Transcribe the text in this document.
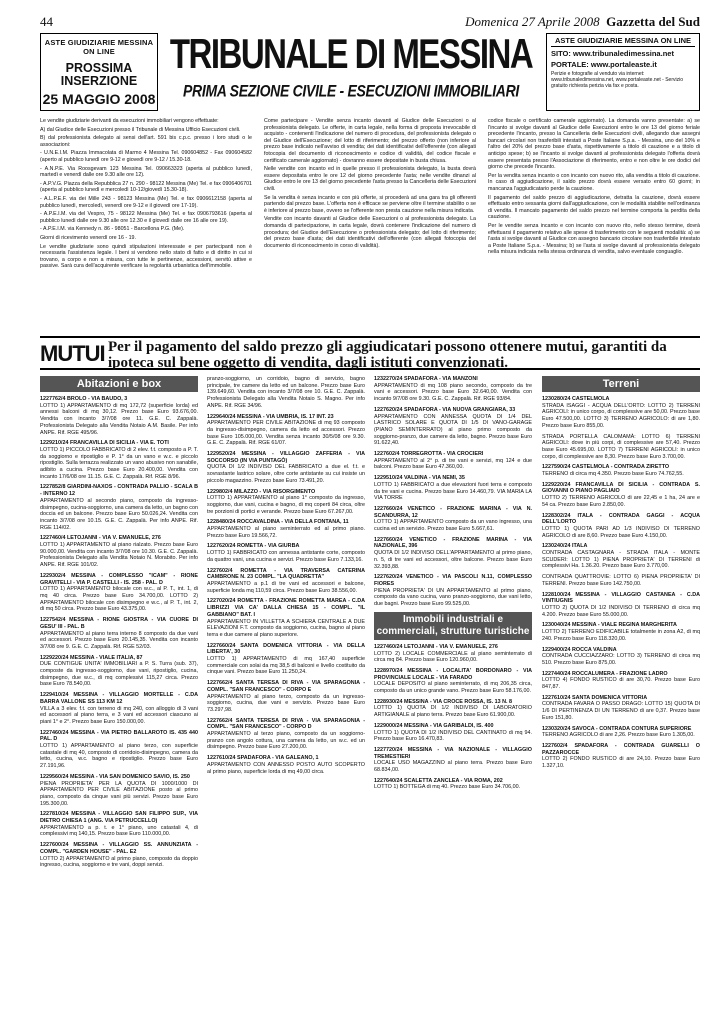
44	Domenica 27 Aprile 2008 Gazzetta del Sud
ASTE GIUDIZIARIE MESSINA ON LINE
PROSSIMA INSERZIONE
25 MAGGIO 2008
TRIBUNALE DI MESSINA
PRIMA SEZIONE CIVILE - ESECUZIONI IMMOBILIARI
ASTE GIUDIZIARIE MESSINA ON LINE
SITO: www.tribunaledimessina.net
PORTALE: www.portaleaste.it
Perizie e fotografie al venduto via internet: www.tribunaledimessina.net, www.portaleaste.net - Servizio gratuito richiesta perizia via fax e posta.

Le vendite giudiziarie derivanti da esecuzioni immobiliari vengono effettuate:

A) dal Giudice delle Esecuzioni presso il Tribunale di Messina Ufficio Esecuzioni civili.

B) dal professionista delegato ai sensi dell'art. 591 bis c.p.c. presso i loro studi o le associazioni:

- U.N.E.I.M. Piazza Immacolata di Marmo 4 Messina Tel. 090604852 - Fax 090604582 (aperto al pubblico lunedì ore 9-12 e giovedì ore 9-12 / 15.30-18.

- A.N.P.E. Via Roosgevam 123 Messina Tel. 090663323 (aperta al pubblico lunedì, martedì e venerdì dalle ore 9.30 alle ore 12).

- A.P.V.G. Piazza della Repubblica 27 n. 290 - 98122 Messina (Me) Tel. e fax 0906406701 (aperta al pubblico lunedì e mercoledì 10-12/giovedì 15.30-18).

- A.L.P.E.F. via dei Mille 243 - 98123 Messina (Me) Tel. e fax 0906612158 (aperta al pubblico lunedì, mercoledì, venerdì ore 9-12 e il giovedì ore 17-19).

- A.P.E.I.M. via del Vespro, 75 - 98122 Messina (Me) Tel. e fax 0906793616 (aperta al pubblico lunedì dalle ore 9.30 alle ore 12.30 e il giovedì dalle ore 16 alle ore 19).

- A.P.E.I.M. via Kennedy n. 86 - 98051 - Barcellona P.G. (Me).

Giorni di ricevimento venerdì ore 16 - 19.

Le vendite giudiziarie sono quindi stipulazioni interessate e per partecipanti non è necessaria l'assistenza legale. I beni si vendono nello stato di fatto e di diritto in cui si trovano, a corpo e non a misura, con tutte le pertinenze, accessioni, servitù attive e passive. Sarà cura dell'acquirente verificare la regolarità urbanistica dell'immobile.

Come partecipare - Vendite senza incanto davanti al Giudice delle Esecuzioni o al professionista delegato. Le offerte, in carta legale, nella forma di proposta irrevocabile di acquisto - contenenti l'indicazione del numero di procedura, del professionista delegato o del Giudice dell'Esecuzione; del lotto di riferimento; del prezzo offerto (non inferiore al prezzo base indicato nell'avviso di vendita; dei dati identificativi dell'offerente (con allegati fotocopia del documento di riconoscimento e codice di validità, del codice fiscale e certificato camerale aggiornato) - dovranno essere depositate in busta chiusa.

Nelle vendite con incanto ed in quelle presso il professionista delegato, la busta dovrà essere depositata entro le ore 12 del giorno precedente l'asta; nelle vendite dinanzi al Giudice entro le ore 13 del giorno precedente l'asta presso la Cancelleria delle Esecuzioni civili.

Se la vendita è senza incanto e con più offerte, si procederà ad una gara tra gli offerenti partendo dal prezzo base. L'offerta non è efficace se perviene oltre il termine stabilito o se è inferiore al prezzo base, ovvero se l'offerente non presta cauzione nella misura indicata.

Vendite con incanto davanti al Giudice delle Esecuzioni o al professionista delegato. La domanda di partecipazione, in carta legale, dovrà contenere l'indicazione del numero di procedura; del Giudice dell'Esecuzione o professionista delegato; del lotto di riferimento; del prezzo base d'asta; dei dati identificativi dell'offerente (con allegati fotocopia del documento di riconoscimento in corso di validità).

codice fiscale o certificato camerale aggiornato). La domanda vanno presentate: a) se l'incanto si svolge davanti al Giudice delle Esecuzioni entro le ore 13 del giorno feriale precedente l'incanto, presso la Cancelleria delle Esecuzioni civili, allegando due assegni bancari circolari non trasferibili intestati a Poste Italiane S.p.a. - Messina, uno del 10% e l'altro del 20% del prezzo base d'asta, rispettivamente a titolo di cauzione e a titolo di anticipo spese; b) se l'incanto si svolge davanti al professionista delegato l'offerta dovrà essere presentata presso l'Associazione di riferimento, entro e non oltre le ore dodici del giorno che precede l'incanto.

Per la vendita senza incanto o con incanto con nuovo rito, alla vendita a titolo di cauzione. In caso di aggiudicazione, il saldo prezzo dovrà essere versato entro 60 giorni; in mancanza l'aggiudicatario perde la cauzione.

Il pagamento del saldo prezzo di aggiudicazione, detratta la cauzione, dovrà essere effettuato entro sessanta giorni dall'aggiudicazione, con le modalità stabilite nell'ordinanza di vendita. Il mancato pagamento del saldo prezzo nel termine comporta la perdita della cauzione.

Per le vendite senza incanto e con incanto con nuovo rito, nello stesso termine, dovrà effettuarsi il pagamento relativo alle spese di trasferimento con le seguenti modalità: a) se l'asta si svolge davanti al Giudice con assegno bancario circolare non trasferibile intestato a Poste Italiane S.p.a. - Messina; b) se l'asta si svolge davanti al professionista delegato nella misura indicata nella stessa ordinanza di vendita, salvo eventuale conguaglio.

MUTUI Per il pagamento del saldo prezzo gli aggiudicatari possono ottenere mutui, garantiti da ipoteca sul bene oggetto di vendita, dagli istituti convenzionati.
Abitazioni e box
1227762/4 BROLO - VIA BAUDO, 3
LOTTO 1) APPARTAMENTO di mq 172,72 (superficie lorda) ed annessi balconi di mq 30,12. Prezzo base Euro 93.676,00. Vendita con incanto 3/7/08 ore 11. G.E. C. Zappalà. Professionista Delegato alla Vendita Notaio A.M. Basile. Per info ANPE. Rif. RGE 495/96.
1229210/24 FRANCAVILLA DI SICILIA - VIA E. TOTI
LOTTO 1) PICCOLO FABBRICATO di 2 elev. f.t. composto a P. T. da soggiorno e ripostiglio e P. 1° da un vano e w.c. e piccolo ripostiglio. Sulla terrazza realizzato un vano abusivo non sanabile, adibito a cucina. Prezzo base Euro 20.400,00. Vendita con incanto 17/6/08 ore 11.15. G.E. C. Zappalà. Rif. RGE 8/96.
1227852/8 GIARDINI-NAXOS - CONTRADA PALLIO - SCALA B - INTERNO 12
APPARTAMENTO al secondo piano, composto da ingresso-disimpegno, cucina-soggiorno, una camera da letto, un bagno con doccia ed un balcone. Prezzo base Euro 50.026,24. Vendita con incanto 3/7/08 ore 10.15. G.E. C. Zappalà. Per info ANPE. Rif. RGE 114/02.
1227460/4 LETOJANNI - VIA V. EMANUELE, 276
LOTTO 1) APPARTAMENTO al piano rialzato. Prezzo base Euro 90.000,00. Vendita con incanto 3/7/08 ore 10.30. G.E. C. Zappalà. Professionista Delegato alla Vendita Notaio N. Morabito. Per info ANPE. Rif. RGE 101/02.
1229302/4 MESSINA - COMPLESSO "ICAM" - RIONE GRAVITELLI - VIA P. CASTELLI - IS. 258 - PAL. D
LOTTO 1) APPARTAMENTO bilocale con w.c., al P. T., int. 1, di mq 40 circa. Prezzo base Euro 34.700,00. LOTTO 2) APPARTAMENTO bilocale con disimpegno e w.c., al P. T., int. 2, di mq 50 circa. Prezzo base Euro 43.375,00.
1227542/4 MESSINA - RIONE GIOSTRA - VIA CUORE DI GESU' III - PAL. B
APPARTAMENTO al piano terra interno 8 composto da due vani ed accessori. Prezzo base Euro 20.145,35. Vendita con incanto 3/7/08 ore 9. G.E. C. Zappalà. Rif. RGE 52/03.
1229220/24 MESSINA - VIALE ITALIA, 87
DUE CONTIGUE UNITA' IMMOBILIARI a P. S. Turra (sub. 37), composte da ingresso-soggiorno, due vani, ripostiglio, cucina, disimpegno, due w.c., di mq complessivi 115,27 circa. Prezzo base Euro 78.540,00.
1229410/24 MESSINA - VILLAGGIO MORTELLE - C.DA BARRA VALLONE SS 113 KM 12
VILLA a 3 elev. f.t. con terreno di mq 240, con alloggio di 3 vani ed accessori al piano terra, e 3 vani ed accessori ciascuno ai piani 1° e 2°. Prezzo base Euro 150.000,00.
1227460/24 MESSINA - VIA PIETRO BALLAROTO IS. 435 440 PAL. D
LOTTO 1) APPARTAMENTO al piano terzo, con superficie catastale di mq 40, composto di corridoio-disimpegno, camera da letto, cucina, w.c. bagno e ripostiglio. Prezzo base Euro 27.191,96.
1229560/24 MESSINA - VIA SAN DOMENICO SAVIO, IS. 250
PIENA PROPRIETA' PER LA QUOTA DI 1000/1000 DI APPARTAMENTO PER CIVILE ABITAZIONE posto al primo piano, composto da cinque vani più servizi. Prezzo base Euro 195.300,00.
1227810/24 MESSINA - VILLAGGIO SAN FILIPPO SUP., VIA DIETRO CHIESA 1 (ANG. VIA PETRUCCELLO)
APPARTAMENTO a p. t. e 1° piano, uno catastali 4, di complessivi mq 140,15. Prezzo base Euro 110.000,00.
1227600/24 MESSINA - VILLAGGIO SS. ANNUNZIATA - COMPL. "GARDEN HOUSE" - PAL. E2
LOTTO 2) APPARTAMENTO al primo piano, composto da doppio ingresso, cucina, soggiorno e tre vani, doppi servizi.
pranzo-soggiorno, un corridoio, bagno di servizio, bagno principale, tre camere da letto ed un balcone. Prezzo base Euro 139.649,60. Vendita con incanto 3/7/08 ore 10. G.E. C. Zappalà. Professionista Delegato alla Vendita Notaio S. Magno. Per info ANPE. Rif. RGE 34/96.
1229640/24 MESSINA - VIA UMBRIA, IS. 17 INT. 23
APPARTAMENTO PER CIVILE ABITAZIONE di mq 93 composto da ingresso-disimpegno, camera da letto ed accessori. Prezzo base Euro 105.000,00. Vendita senza incanto 30/5/08 ore 9.30. G.E. C. Zappalà. Rif. RGE 61/07.
1229520/24 MESSINA - VILLAGGIO ZAFFERIA - VIA SOCCORSO (IN VIA PUNTAGÒ)
QUOTA DI 1/2 INDIVISO DEL FABBRICATO a due el. f.t. e sovrastante lastrico solare, oltre corte antistante su cui insiste un piccolo magazzino. Prezzo base Euro 73.491,20.
1229802/4 MILAZZO - VIA RISORGIMENTO
LOTTO 1) APPARTAMENTO al piano 1° composto da ingresso, soggiorno, due vani, cucina e bagno, di mq coperti 84 circa, oltre tre porzioni di portici e verande. Prezzo base Euro 67.267,00.
1228480/24 ROCCAVALDINA - VIA DELLA FONTANA, 11
APPARTAMENTO al piano seminterrato ed al primo piano. Prezzo base Euro 19.566,72.
1227620/24 ROMETTA - VIA GIURBA
LOTTO 1) FABBRICATO con annessa antistante corte, composto da quattro vani, una cucina e servizi. Prezzo base Euro 7.133,16.
1227602/4 ROMETTA - VIA TRAVERSA CATERINA CAMBRONE N. 23 COMPL. "LA QUADRETTA"
APPARTAMENTO a p.1 di tre vani ed accessori e balcone, superficie londa mq 110,59 circa. Prezzo base Euro 38.556,00.
1227020/24 ROMETTA - FRAZIONE ROMETTA MAREA - C.DA LIBRIZZI VIA CA' DALLA CHIESA 15 - COMPL. "IL GABBIANO" BAT. I
APPARTAMENTO IN VILLETTA A SCHIERA CENTRALE A DUE ELEVAZIONI F.T. composto da soggiorno, cucina, bagno al piano terra e due camere al piano superiore.
1227660/24 SANTA DOMENICA VITTORIA - VIA DELLA LIBERTA', 30
LOTTO 1) APPARTAMENTO di mq 167,40 superficie commerciale con solai da mq 38,5 di balconi e livello costituito da cinque vani. Prezzo base Euro 11.250,24.
1227662/4 SANTA TERESA DI RIVA - VIA SPARAGONIA - COMPL. "SAN FRANCESCO" - CORPO E
APPARTAMENTO al piano terzo, composto da un ingresso-soggiorno, cucina, due vani e servizio. Prezzo base Euro 73.297,98.
1227662/4 SANTA TERESA DI RIVA - VIA SPARAGONIA - COMPL. "SAN FRANCESCO" - CORPO D
APPARTAMENTO al terzo piano, composto da un soggiorno-pranzo con angolo cottura, una camera da letto, un w.c. ed un disimpegno. Prezzo base Euro 27.200,00.
1227610/24 SPADAFORA - VIA GALEANO, 1
APPARTAMENTO CON ANNESSO POSTO AUTO SCOPERTO al primo piano, superficie lorda di mq 49,00 circa.
1232270/24 SPADAFORA - VIA MANZONI
APPARTAMENTO di mq 108 piano secondo, composto da tre vani e accessori. Prezzo base Euro 32.640,00. Vendita con incanto 9/7/08 ore 9.30. G.E. C. Zappalà. Rif. RGE 93/84.
1227620/24 SPADAFORA - VIA NUOVA GRANGIARA, 33
APPARTAMENTO CON ANNESSA QUOTA DI 1/4 DEL LASTRICO SOLARE E QUOTA DI 1/5 DI VANO-GARAGE (PIANO SEMINTERRATO) al piano primo composto da soggiorno-pranzo, due camere da letto, bagno. Prezzo base Euro 91.622,40.
1227602/4 TORREGROTTA - VIA CROCIERI
APPARTAMENTO al 2° p. di tre vani e servizi, mq 124 e due balconi. Prezzo base Euro 47.360,00.
1229510/24 VALDINA - VIA NEMI, 35
LOTTO 1) FABBRICATO a due elevazioni fuori terra e composto da tre vani e cucina. Prezzo base Euro 14.460,79. VIA MARIA LA VIA TORRE
1227660/24 VENETICO - FRAZIONE MARINA - VIA N. SCANDURRA, 12
LOTTO 1) APPARTAMENTO composto da un vano ingresso, una cucina ed un servizio. Prezzo base Euro 5.667,61.
1227660/24 VENETICO - FRAZIONE MARINA - VIA NAZIONALE, 396
QUOTA DI 1/2 INDIVISO DELL'APPARTAMENTO al primo piano, n. 5, di tre vani ed accessori, oltre balcone. Prezzo base Euro 32.393,88.
1227620/24 VENETICO - VIA PASCOLI N.11, COMPLESSO FIORES
PIENA PROPRIETA' DI UN APPARTAMENTO al primo piano, composto da vano cucina, vano pranzo-soggiorno, due vani letto, due bagni. Prezzo base Euro 99.525,00.
Immobili industriali e commerciali, strutture turistiche
1227460/24 LETOJANNI - VIA V. EMANUELE, 276
LOTTO 2) LOCALE COMMERCIALE al piano seminterrato di circa mq 84. Prezzo base Euro 120.960,00.
1228970/24 MESSINA - LOCALITA' BORDONARO - VIA PROVINCIALE LOCALE - VIA FARADO
LOCALE DEPOSITO al piano seminterrato, di mq 206,35 circa, composto da un unico grande vano. Prezzo base Euro 58.176,00.
1228930/24 MESSINA - VIA CROCE ROSSA, IS. 13 N. 8
LOTTO 1) QUOTA DI 1/2 INDIVISO DI LABORATORIO ARTIGIANALE al piano terra. Prezzo base Euro 61.900,00.
1229000/24 MESSINA - VIA GARIBALDI, IS. 400
LOTTO 1) QUOTA DI 1/2 INDIVISO DEL CANTINATO di mq 94. Prezzo base Euro 16.470,83.
1227720/24 MESSINA - VIA NAZIONALE - VILLAGGIO TREMESTIERI
LOCALE USO MAGAZZINO al piano terra. Prezzo base Euro 68.834,00.
1227640/24 SCALETTA ZANCLEA - VIA ROMA, 202
LOTTO 1) BOTTEGA di mq 40. Prezzo base Euro 34.706,00.
Terreni
1230280/24 CASTELMOLA
STRADA ISAGGI - ACQUA DELL'ORTO: LOTTO 2) TERRENI AGRICOLI: in unico corpo, di complessive are 50,00. Prezzo base Euro 47.500,00. LOTTO 3) TERRENO AGRICOLO: di are 1,80. Prezzo base Euro 855,00.
STRADA PORTELLA CALOMAMÀ: LOTTO 6) TERRENI AGRICOLI: dove in più corpi, di complessive are 57,40. Prezzo base Euro 45.695,00. LOTTO 7) TERRENI AGRICOLI: in unico corpo, di complessive are 8,30. Prezzo base Euro 3.700,00.
1227590/24 CASTELMOLA - CONTRADA ZIRETTO
TERRENO di circa mq 4.350. Prezzo base Euro 74.762,55.
1229220/24 FRANCAVILLA DI SICILIA - CONTRADA S. GIOVANNI O PIANO PAGLIAIO
LOTTO 2) TERRENO AGRICOLO di are 22,45 e 1 ha, 24 are e 54 ca. Prezzo base Euro 2.850,00.
1228302/24 ITALA - CONTRADA GAGGI - ACQUA DELL'LORTO
LOTTO 1) QUOTA PARI AD 1/3 INDIVISO DI TERRENO AGRICOLO di are 8,60. Prezzo base Euro 4.150,00.
1230240/24 ITALA
CONTRADA CASTAGNARA - STRADA ITALA - MONTE SCUDERI: LOTTO 1) PIENA PROPRIETA' DI TERRENI di complessivi Ha. 1.36.20. Prezzo base Euro 3.770,00.
CONTRADA QUATTROVIE: LOTTO 6) PIENA PROPRIETA' DI TERRENI. Prezzo base Euro 142.750,00.
1228100/24 MESSINA - VILLAGGIO CASTANEA - C.DA VINTIUGNIS
LOTTO 2) QUOTA DI 1/2 INDIVISO DI TERRENO di circa mq 4.200. Prezzo base Euro 55.000,00.
1230040/24 MESSINA - VIALE REGINA MARGHERITA
LOTTO 2) TERRENO EDIFICABILE totalmente in zona A2, di mq 240. Prezzo base Euro 118.320,00.
1229400/24 ROCCA VALDINA
CONTRADA CUCCIAZZARO: LOTTO 3) TERRENO di circa mq 510. Prezzo base Euro 875,00.
1227440/24 ROCCALUMERA - FRAZIONE LADRO
LOTTO 4) FONDO RUSTICO di are 30,70. Prezzo base Euro 847,87.
1227610/24 SANTA DOMENICA VITTORIA
CONTRADA FAVARA O PASSO DRAGO: LOTTO 15) QUOTA DI 1/6 DI PERTINENZA DI UN TERRENO di are 0,37. Prezzo base Euro 151,80.
1230320/24 SAVOCA - CONTRADA CONTURA SUPERIORE
TERRENO AGRICOLO di are 2,26. Prezzo base Euro 1.305,00.
1227602/4 SPADAFORA - CONTRADA GUARELLI O PAZZAROCCE
LOTTO 2) FONDO RUSTICO di are 24,10. Prezzo base Euro 1.327,10.
